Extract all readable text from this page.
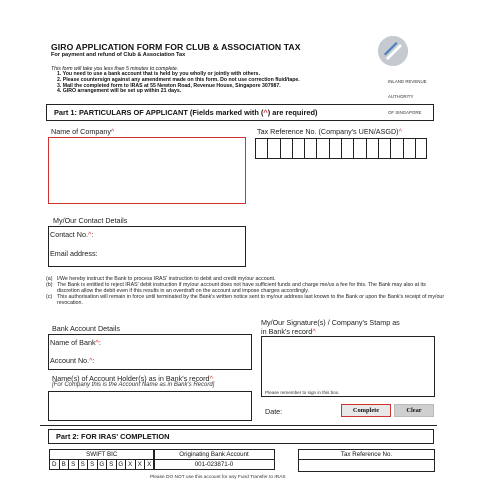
GIRO APPLICATION FORM FOR CLUB & ASSOCIATION TAX
For payment and refund of Club & Association Tax

INLAND REVENUE

AUTHORITY

OF SINGAPORE

This form will take you less than 5 minutes to complete.
1. You need to use a bank account that is held by you wholly or jointly with others.
2. Please countersign against any amendment made on this form. Do not use correction fluid/tape.
3. Mail the completed form to IRAS at 55 Newton Road, Revenue House, Singapore 307987.
4. GIRO arrangement will be set up within 21 days.
Part 1: PARTICULARS OF APPLICANT (Fields marked with ( ^ ) are required)
Name of Company^	Tax Reference No. (Company's UEN/ASGD)^
My/Our Contact Details
Contact No.^:
Email address:
(a) I/We hereby instruct the Bank to process IRAS' instruction to debit and credit my/our account.
(b) The Bank is entitled to reject IRAS' debit instruction if my/our account does not have sufficient funds and charge me/us a fee for this. The Bank may also at its discretion allow the debit even if this results in an overdraft on the account and impose charges accordingly.
(c) This authorisation will remain in force until terminated by the Bank's written notice sent to my/our address last known to the Bank or upon the Bank's receipt of my/our revocation.
Bank Account Details
Name of Bank^:
Account No.^:
Name(s) of Account Holder(s) as in Bank's record^
[For Company this is the Account Name as in Bank's Record]
My/Our Signature(s) / Company's Stamp as
in Bank's record^
Please remember to sign in this box.
Date:	Complete	Clear
Part 2: FOR IRAS' COMPLETION
SWIFT BIC
D	B	S	S	S	G	S	G	X	X	X
Originating Bank Account
001-023871-0
Tax Reference No.

Please DO NOT use this account for any Fund Transfer to IRAS
